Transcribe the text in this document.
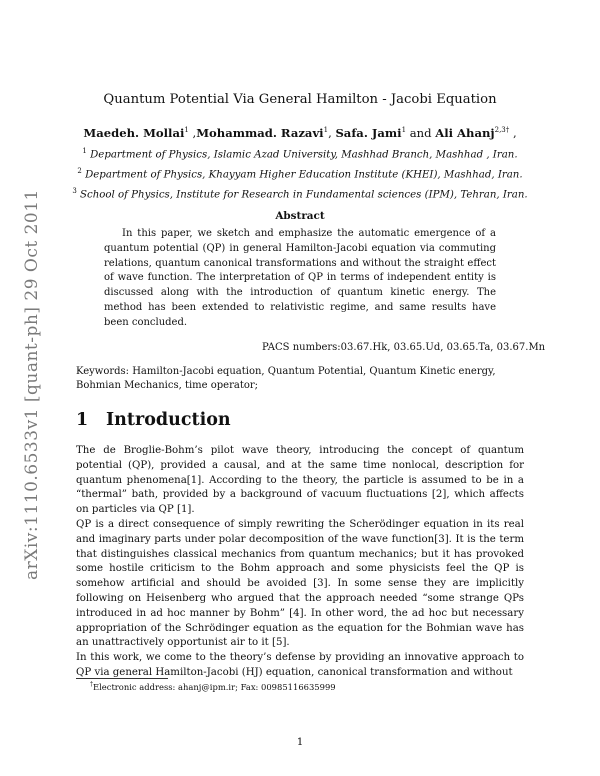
arXiv:1110.6533v1 [quant-ph] 29 Oct 2011
Quantum Potential Via General Hamilton - Jacobi Equation
Maedeh. Mollai$^1$ ,Mohammad. Razavi$^1$, Safa. Jami$^1$ and Ali Ahanj$^{2,3\dagger}$ ,
$^1$ Department of Physics, Islamic Azad University, Mashhad Branch, Mashhad , Iran.
$^2$ Department of Physics, Khayyam Higher Education Institute (KHEI), Mashhad, Iran.
$^3$ School of Physics, Institute for Research in Fundamental sciences (IPM), Tehran, Iran.
Abstract
In this paper, we sketch and emphasize the automatic emergence of a quantum potential (QP) in general Hamilton-Jacobi equation via commuting relations, quantum canonical transformations and without the straight effect of wave function. The interpretation of QP in terms of independent entity is discussed along with the introduction of quantum kinetic energy. The method has been extended to relativistic regime, and same results have been concluded.
PACS numbers:03.67.Hk, 03.65.Ud, 03.65.Ta, 03.67.Mn
Keywords: Hamilton-Jacobi equation, Quantum Potential, Quantum Kinetic energy, Bohmian Mechanics, time operator;
1 Introduction

The de Broglie-Bohm’s pilot wave theory, introducing the concept of quantum potential (QP), provided a causal, and at the same time nonlocal, description for quantum phenomena[1]. According to the theory, the particle is assumed to be in a “thermal” bath, provided by a background of vacuum fluctuations [2], which affects on particles via QP [1].

QP is a direct consequence of simply rewriting the Scherödinger equation in its real and imaginary parts under polar decomposition of the wave function[3]. It is the term that distinguishes classical mechanics from quantum mechanics; but it has provoked some hostile criticism to the Bohm approach and some physicists feel the QP is somehow artificial and should be avoided [3]. In some sense they are implicitly following on Heisenberg who argued that the approach needed “some strange QPs introduced in ad hoc manner by Bohm” [4]. In other word, the ad hoc but necessary appropriation of the Schrödinger equation as the equation for the Bohmian wave has an unattractively opportunist air to it [5].

In this work, we come to the theory’s defense by providing an innovative approach to QP via general Hamilton-Jacobi (HJ) equation, canonical transformation and without

†Electronic address: ahanj@ipm.ir; Fax: 00985116635999
1
